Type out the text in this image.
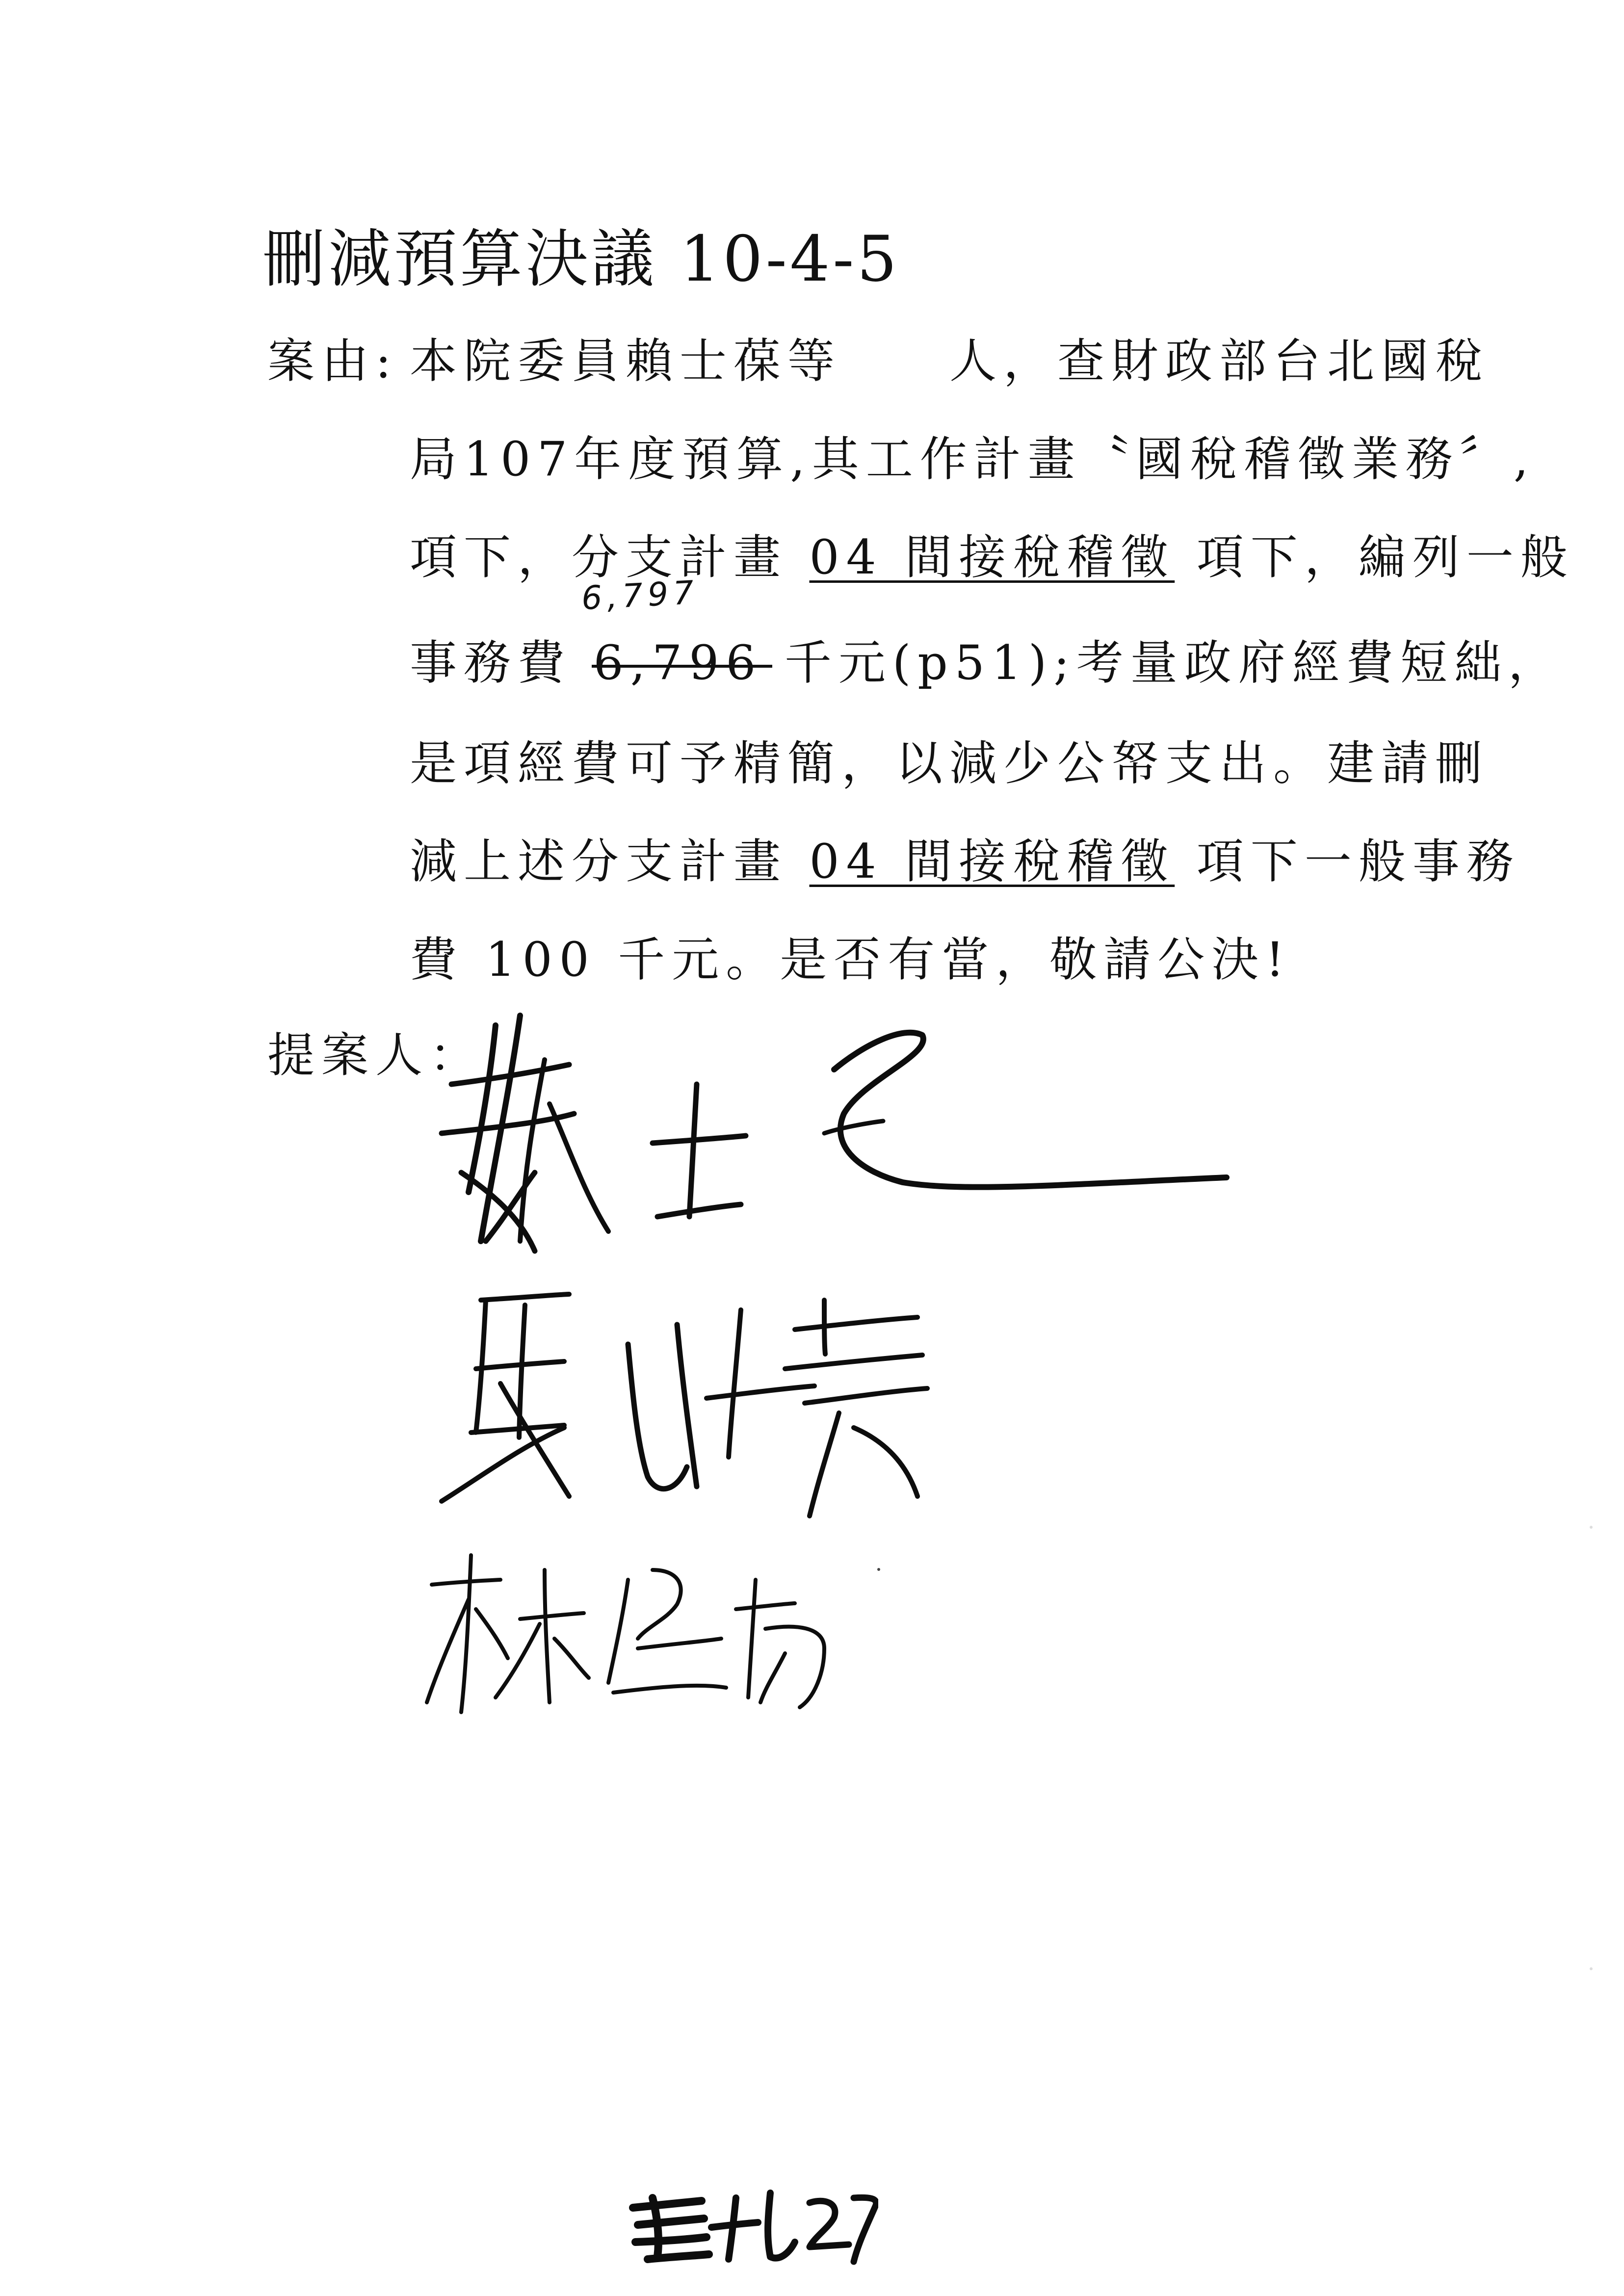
刪減預算決議 10-4-5
案由: 本院委員賴士葆等　　人，查財政部台北國稅
局107年度預算,其工作計畫〝國稅稽徵業務〞,
項下，分支計畫 04 間接稅稽徵 項下，編列一般
6,797
事務費 6,796 千元(p51);考量政府經費短絀，
是項經費可予精簡，以減少公帑支出。建請刪
減上述分支計畫 04 間接稅稽徵 項下一般事務
費 100 千元。是否有當，敬請公決!
提案人：
